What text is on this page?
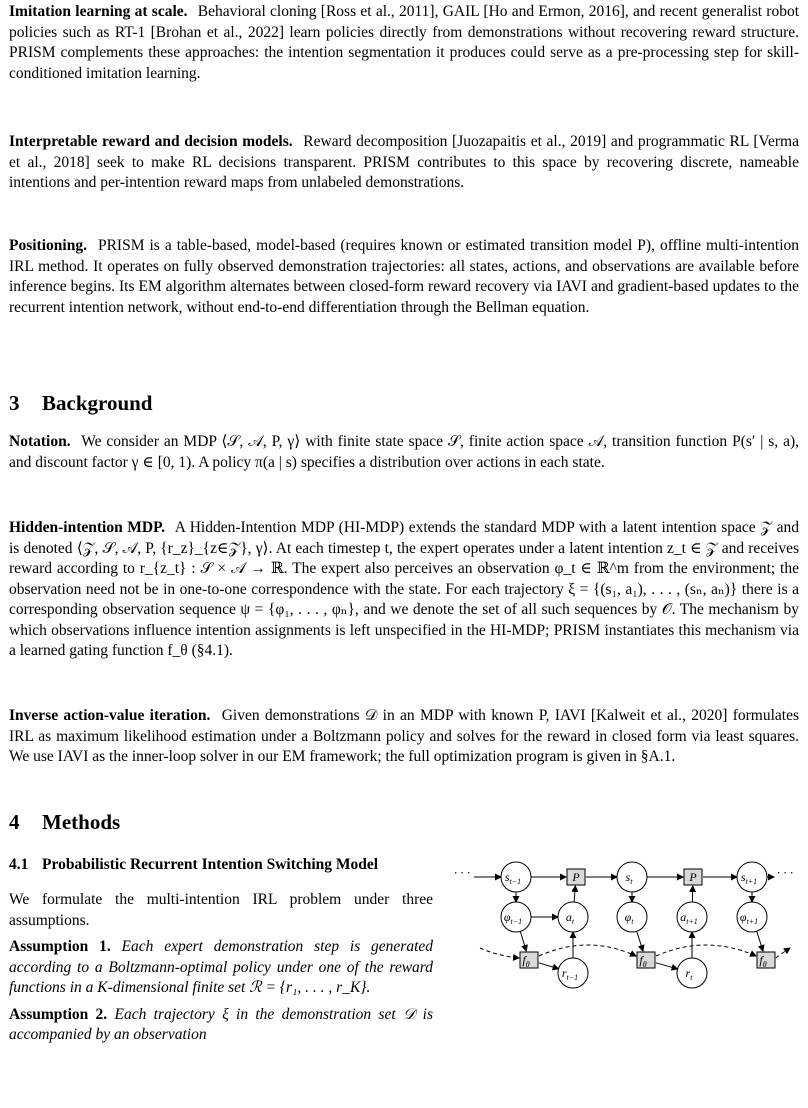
Imitation learning at scale. Behavioral cloning [Ross et al., 2011], GAIL [Ho and Ermon, 2016], and recent generalist robot policies such as RT-1 [Brohan et al., 2022] learn policies directly from demonstrations without recovering reward structure. PRISM complements these approaches: the intention segmentation it produces could serve as a pre-processing step for skill-conditioned imitation learning.

Interpretable reward and decision models. Reward decomposition [Juozapaitis et al., 2019] and programmatic RL [Verma et al., 2018] seek to make RL decisions transparent. PRISM contributes to this space by recovering discrete, nameable intentions and per-intention reward maps from unlabeled demonstrations.

Positioning. PRISM is a table-based, model-based (requires known or estimated transition model P), offline multi-intention IRL method. It operates on fully observed demonstration trajectories: all states, actions, and observations are available before inference begins. Its EM algorithm alternates between closed-form reward recovery via IAVI and gradient-based updates to the recurrent intention network, without end-to-end differentiation through the Bellman equation.

3 Background

Notation. We consider an MDP ⟨𝒮, 𝒜, P, γ⟩ with finite state space 𝒮, finite action space 𝒜, transition function P(s′ | s, a), and discount factor γ ∈ [0, 1). A policy π(a | s) specifies a distribution over actions in each state.

Hidden-intention MDP. A Hidden-Intention MDP (HI-MDP) extends the standard MDP with a latent intention space 𝒵 and is denoted ⟨𝒵, 𝒮, 𝒜, P, {r_z}_{z∈𝒵}, γ⟩. At each timestep t, the expert operates under a latent intention z_t ∈ 𝒵 and receives reward according to r_{z_t} : 𝒮 × 𝒜 → ℝ. The expert also perceives an observation φ_t ∈ ℝ^m from the environment; the observation need not be in one-to-one correspondence with the state. For each trajectory ξ = {(s₁, a₁), . . . , (sₙ, aₙ)} there is a corresponding observation sequence ψ = {φ₁, . . . , φₙ}, and we denote the set of all such sequences by 𝒪. The mechanism by which observations influence intention assignments is left unspecified in the HI-MDP; PRISM instantiates this mechanism via a learned gating function f_θ (§4.1).

Inverse action-value iteration. Given demonstrations 𝒟 in an MDP with known P, IAVI [Kalweit et al., 2020] formulates IRL as maximum likelihood estimation under a Boltzmann policy and solves for the reward in closed form via least squares. We use IAVI as the inner-loop solver in our EM framework; the full optimization program is given in §A.1.

4 Methods
4.1 Probabilistic Recurrent Intention Switching Model

We formulate the multi-intention IRL problem under three assumptions.

Assumption 1. Each expert demonstration step is generated according to a Boltzmann-optimal policy under one of the reward functions in a K-dimensional finite set ℛ = {r₁, . . . , r_K}.

Assumption 2. Each trajectory ξ in the demonstration set 𝒟 is accompanied by an observation

$s_{t-1}$	P	$s_t$	P	$s_{t+1}$
$\varphi_{t-1}$	$a_t$	$\varphi_t$	$a_{t+1}$	$\varphi_{t+1}$
$f_\theta$	$f_\theta$	$f_\theta$
$r_{t-1}$	$r_t$
· · ·	· · ·
